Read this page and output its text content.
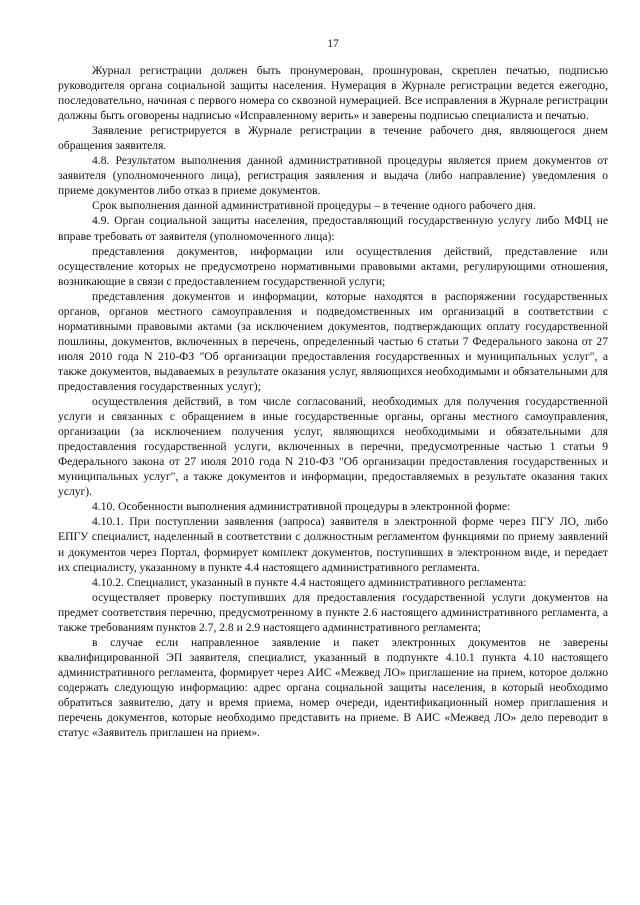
17

Журнал регистрации должен быть пронумерован, прошнурован, скреплен печатью, подписью руководителя органа социальной защиты населения. Нумерация в Журнале регистрации ведется ежегодно, последовательно, начиная с первого номера со сквозной нумерацией. Все исправления в Журнале регистрации должны быть оговорены надписью «Исправленному верить» и заверены подписью специалиста и печатью.

Заявление регистрируется в Журнале регистрации в течение рабочего дня, являющегося днем обращения заявителя.

4.8. Результатом выполнения данной административной процедуры является прием документов от заявителя (уполномоченного лица), регистрация заявления и выдача (либо направление) уведомления о приеме документов либо отказ в приеме документов.

Срок выполнения данной административной процедуры – в течение одного рабочего дня.

4.9. Орган социальной защиты населения, предоставляющий государственную услугу либо МФЦ не вправе требовать от заявителя (уполномоченного лица):

представления документов, информации или осуществления действий, представление или осуществление которых не предусмотрено нормативными правовыми актами, регулирующими отношения, возникающие в связи с предоставлением государственной услуги;

представления документов и информации, которые находятся в распоряжении государственных органов, органов местного самоуправления и подведомственных им организаций в соответствии с нормативными правовыми актами (за исключением документов, подтверждающих оплату государственной пошлины, документов, включенных в перечень, определенный частью 6 статьи 7 Федерального закона от 27 июля 2010 года N 210-ФЗ "Об организации предоставления государственных и муниципальных услуг", а также документов, выдаваемых в результате оказания услуг, являющихся необходимыми и обязательными для предоставления государственных услуг);

осуществления действий, в том числе согласований, необходимых для получения государственной услуги и связанных с обращением в иные государственные органы, органы местного самоуправления, организации (за исключением получения услуг, являющихся необходимыми и обязательными для предоставления государственной услуги, включенных в перечни, предусмотренные частью 1 статьи 9 Федерального закона от 27 июля 2010 года N 210-ФЗ "Об организации предоставления государственных и муниципальных услуг", а также документов и информации, предоставляемых в результате оказания таких услуг).

4.10. Особенности выполнения административной процедуры в электронной форме:

4.10.1. При поступлении заявления (запроса) заявителя в электронной форме через ПГУ ЛО, либо ЕПГУ специалист, наделенный в соответствии с должностным регламентом функциями по приему заявлений и документов через Портал, формирует комплект документов, поступивших в электронном виде, и передает их специалисту, указанному в пункте 4.4 настоящего административного регламента.

4.10.2. Специалист, указанный в пункте 4.4 настоящего административного регламента:

осуществляет проверку поступивших для предоставления государственной услуги документов на предмет соответствия перечню, предусмотренному в пункте 2.6 настоящего административного регламента, а также требованиям пунктов 2.7, 2.8 и 2.9 настоящего административного регламента;

в случае если направленное заявление и пакет электронных документов не заверены квалифицированной ЭП заявителя, специалист, указанный в подпункте 4.10.1 пункта 4.10 настоящего административного регламента, формирует через АИС «Межвед ЛО» приглашение на прием, которое должно содержать следующую информацию: адрес органа социальной защиты населения, в который необходимо обратиться заявителю, дату и время приема, номер очереди, идентификационный номер приглашения и перечень документов, которые необходимо представить на приеме. В АИС «Межвед ЛО» дело переводит в статус «Заявитель приглашен на прием».
